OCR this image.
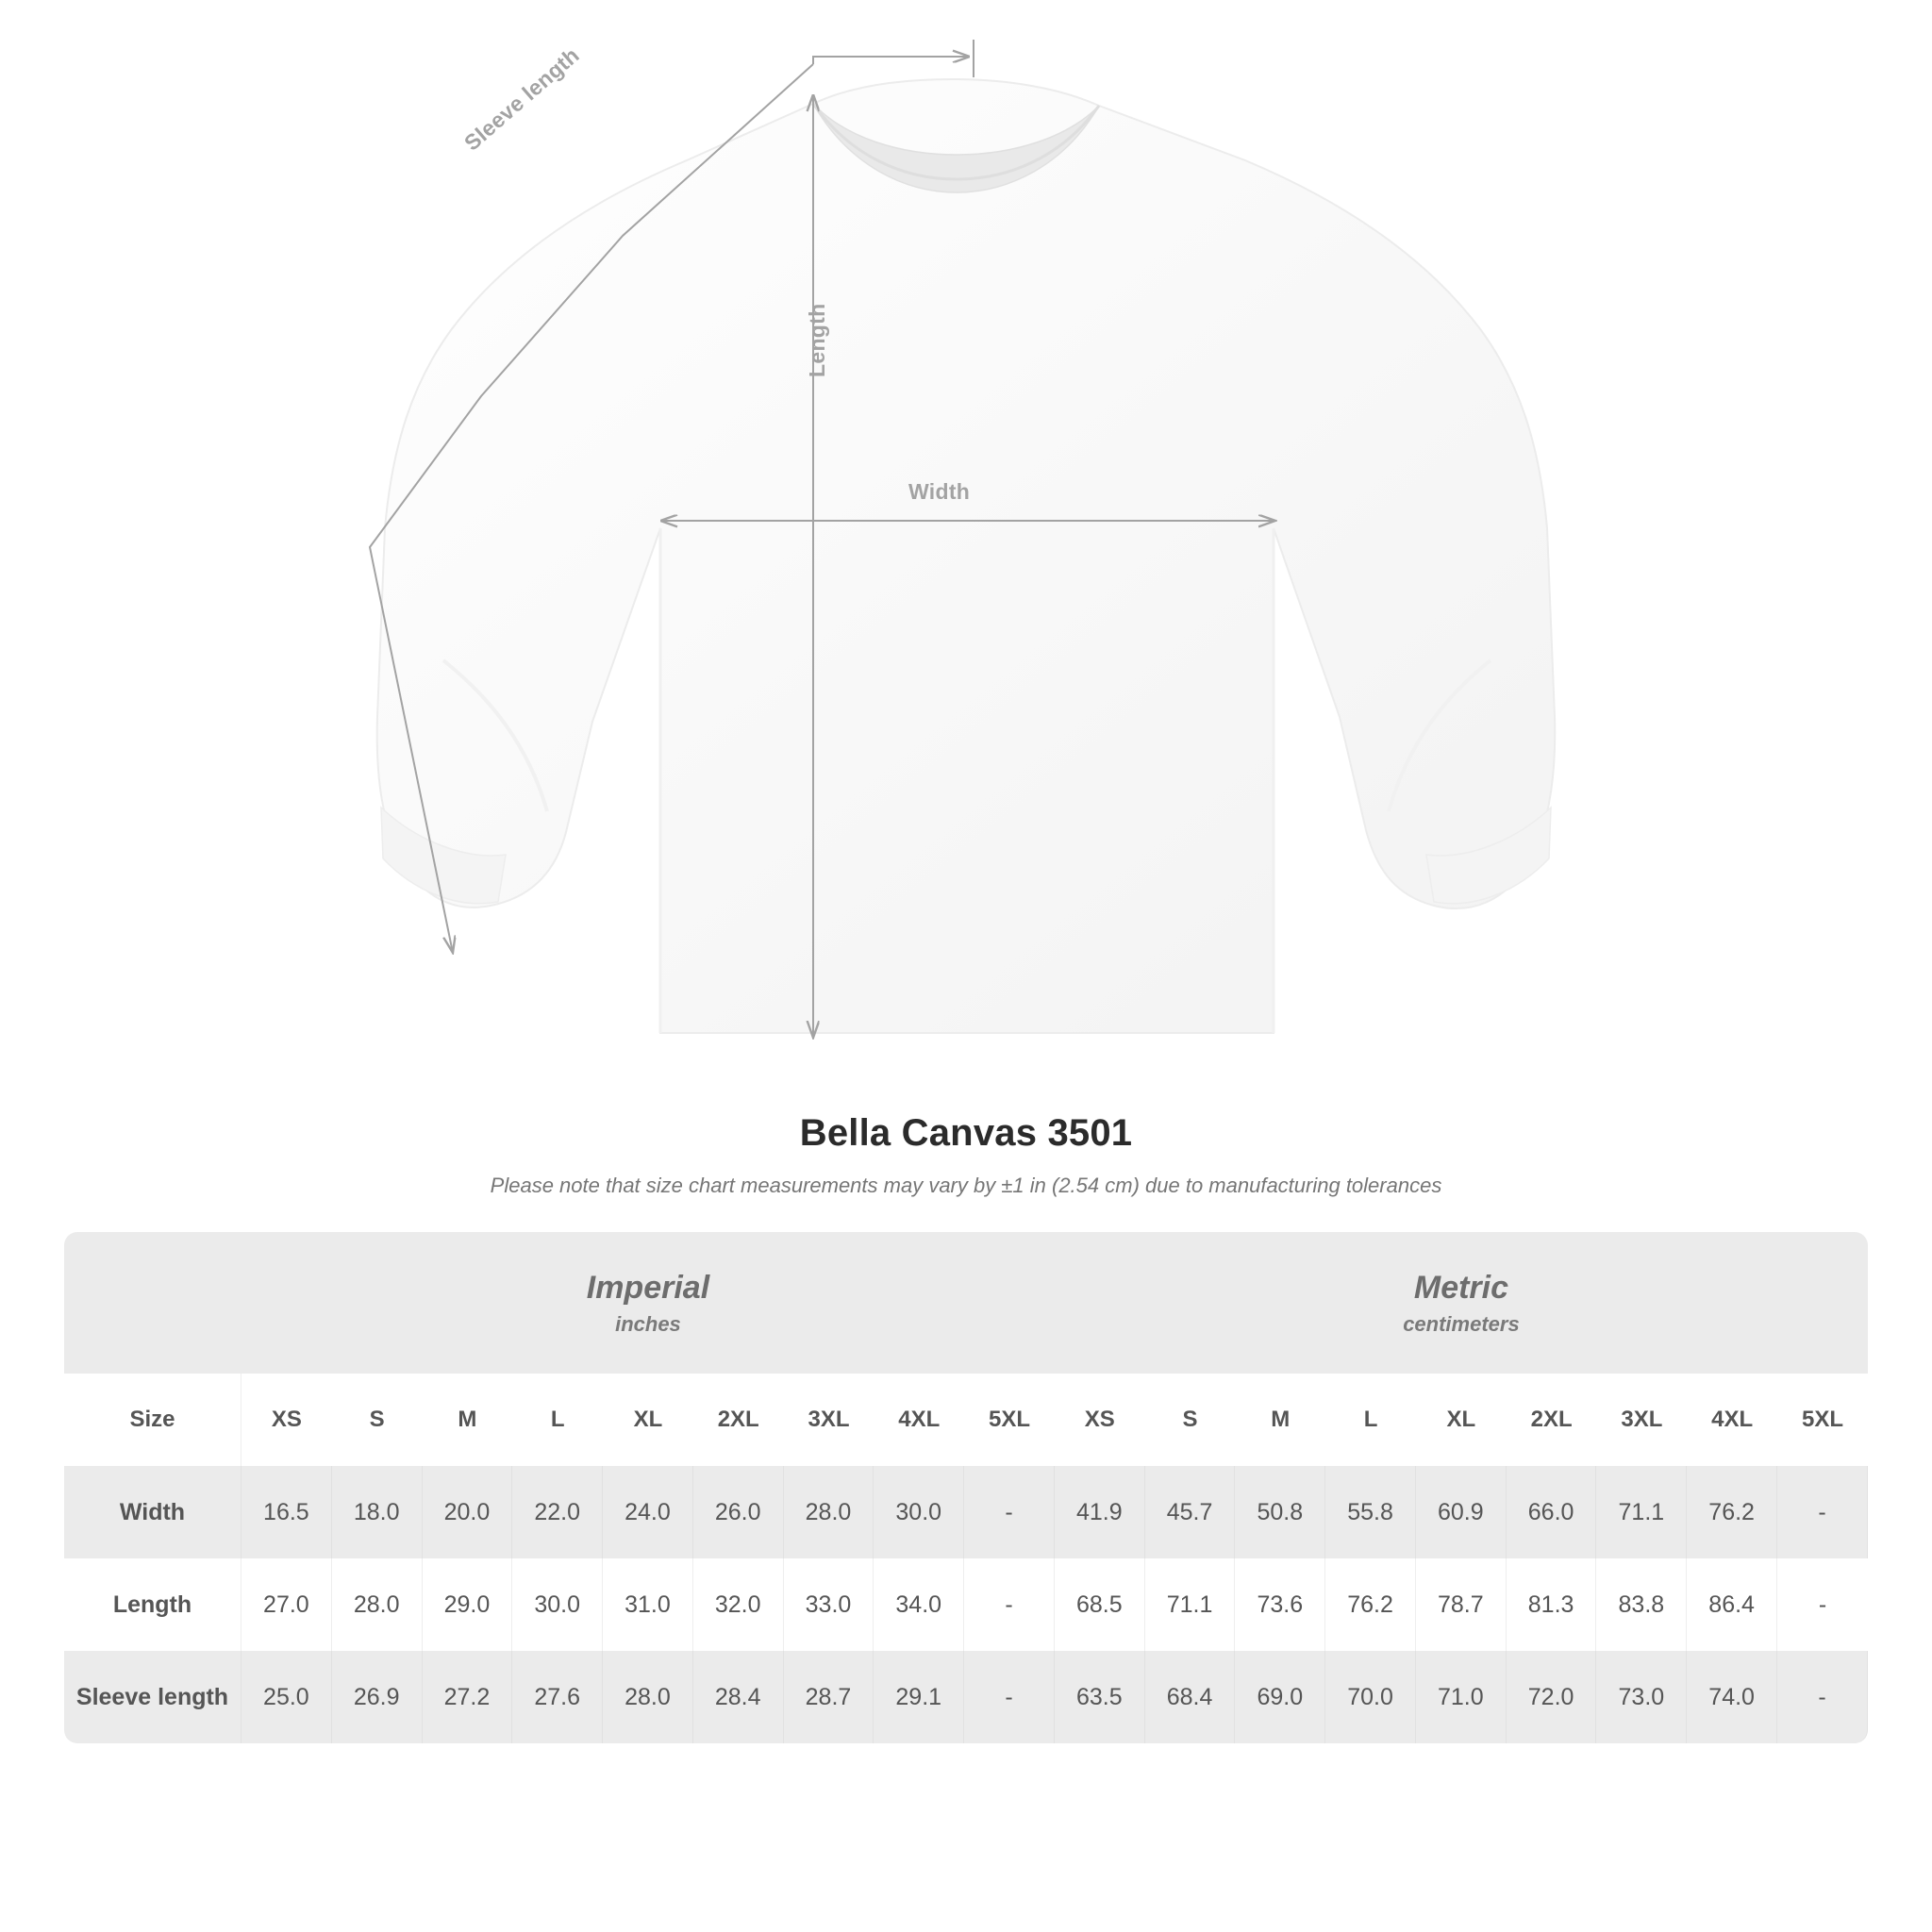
Width
Length
Sleeve length
Bella Canvas 3501
Please note that size chart measurements may vary by ±1 in (2.54 cm) due to manufacturing tolerances

	Imperial
inches									Metric
centimeters								

Size	XS	S	M	L	XL	2XL	3XL	4XL	5XL	XS	S	M	L	XL	2XL	3XL	4XL	5XL
Width	16.5	18.0	20.0	22.0	24.0	26.0	28.0	30.0	-	41.9	45.7	50.8	55.8	60.9	66.0	71.1	76.2	-
Length	27.0	28.0	29.0	30.0	31.0	32.0	33.0	34.0	-	68.5	71.1	73.6	76.2	78.7	81.3	83.8	86.4	-
Sleeve length	25.0	26.9	27.2	27.6	28.0	28.4	28.7	29.1	-	63.5	68.4	69.0	70.0	71.0	72.0	73.0	74.0	-
